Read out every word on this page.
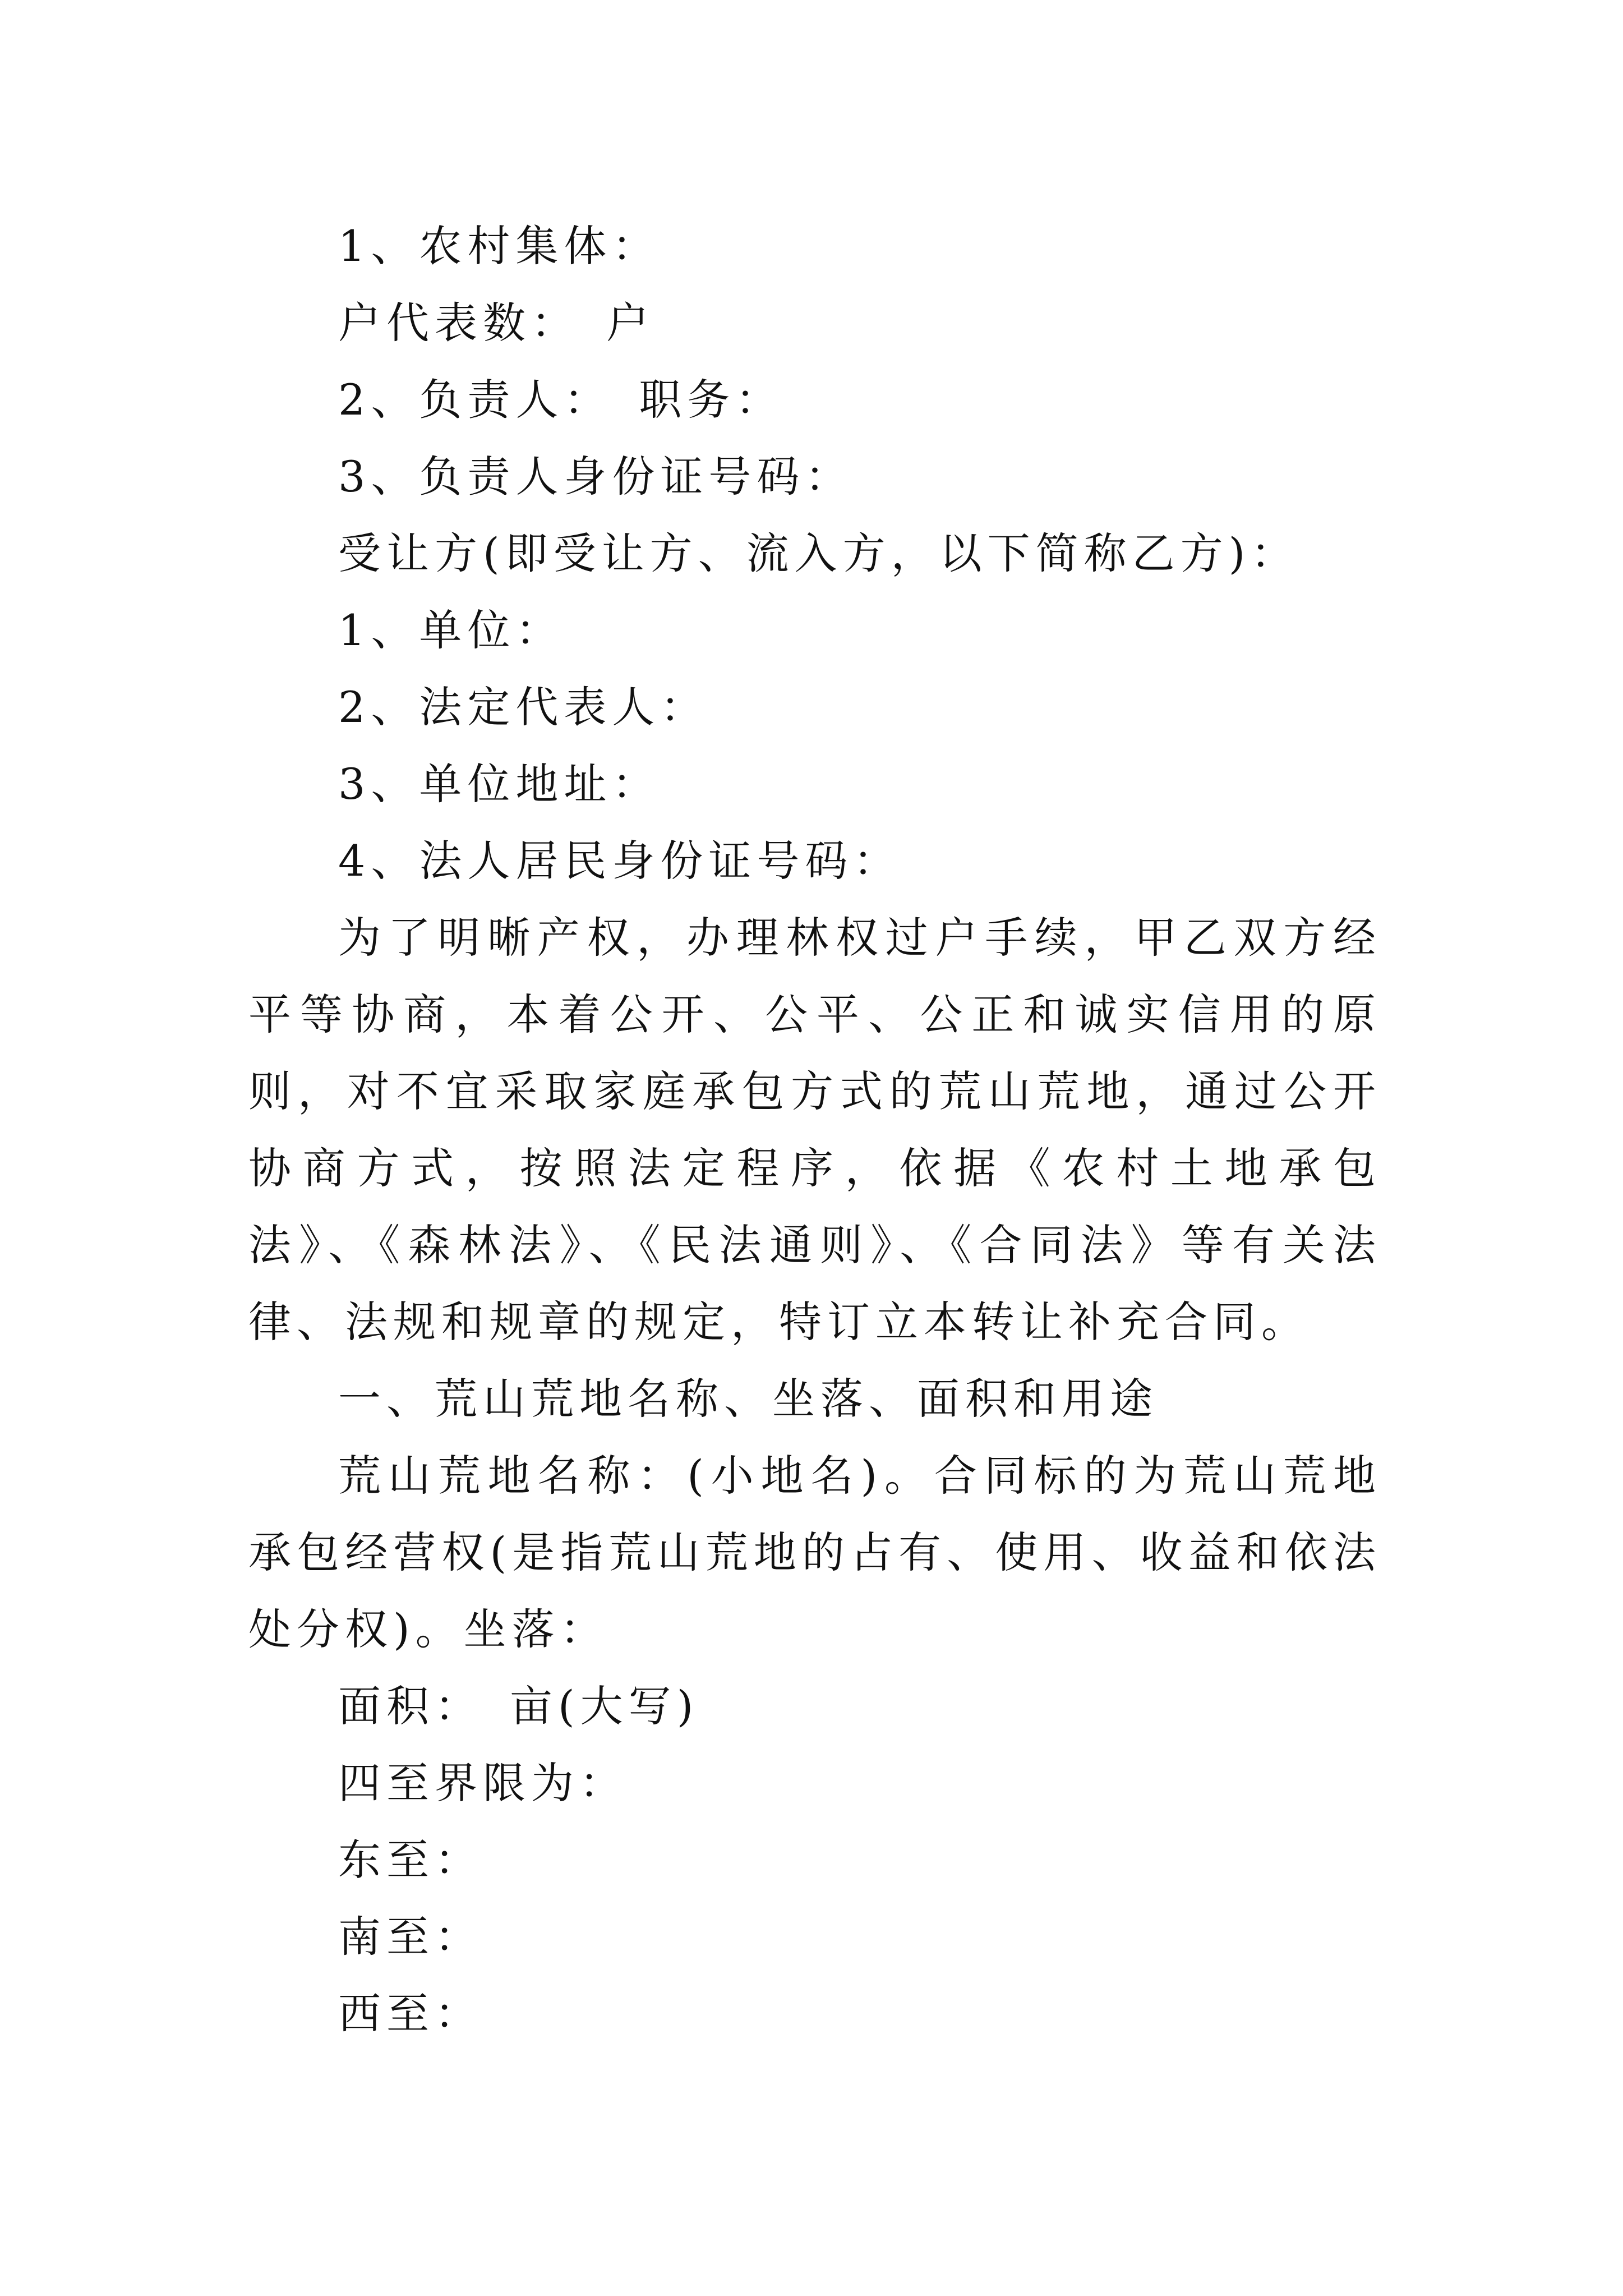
1、农村集体：
户代表数：　户
2、负责人：　职务：
3、负责人身份证号码：
受让方(即受让方、流入方，以下简称乙方)：
1、单位：
2、法定代表人：
3、单位地址：
4、法人居民身份证号码：

为了明晰产权，办理林权过户手续，甲乙双方经平等协商，本着公开、公平、公正和诚实信用的原则，对不宜采取家庭承包方式的荒山荒地，通过公开协商方式，按照法定程序，依据《农村土地承包法》、《森林法》、《民法通则》、《合同法》等有关法律、法规和规章的规定，特订立本转让补充合同。

一、荒山荒地名称、坐落、面积和用途

荒山荒地名称：(小地名)。合同标的为荒山荒地承包经营权(是指荒山荒地的占有、使用、收益和依法处分权)。坐落：

面积：　亩(大写)
四至界限为：
东至：
南至：
西至：
